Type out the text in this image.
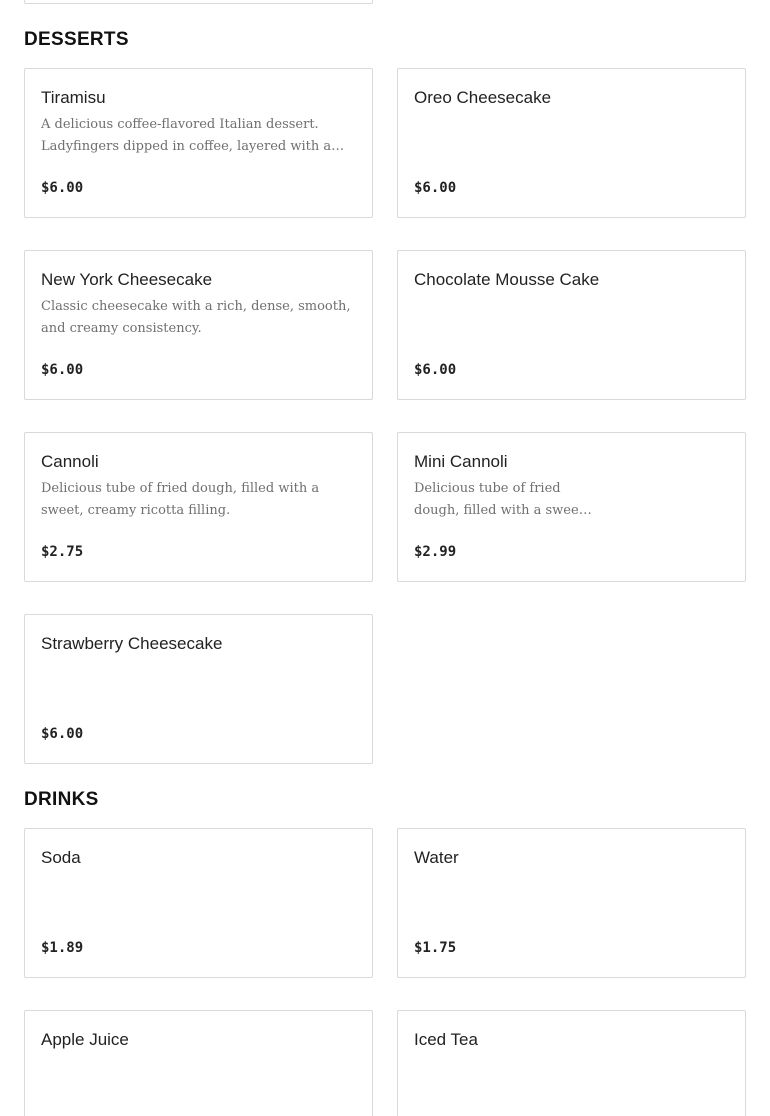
DESSERTS

Tiramisu

A delicious coffee-flavored Italian dessert. Ladyfingers dipped in coffee, layered with a…

$6.00

Oreo Cheesecake

$6.00

New York Cheesecake

Classic cheesecake with a rich, dense, smooth, and creamy consistency.

$6.00

Chocolate Mousse Cake

$6.00

Cannoli

Delicious tube of fried dough, filled with a sweet, creamy ricotta filling.

$2.75

Mini Cannoli

Delicious tube of fried dough, filled with a swee…

$2.99

Strawberry Cheesecake

$6.00

DRINKS

Soda

$1.89

Water

$1.75

Apple Juice	Iced Tea
